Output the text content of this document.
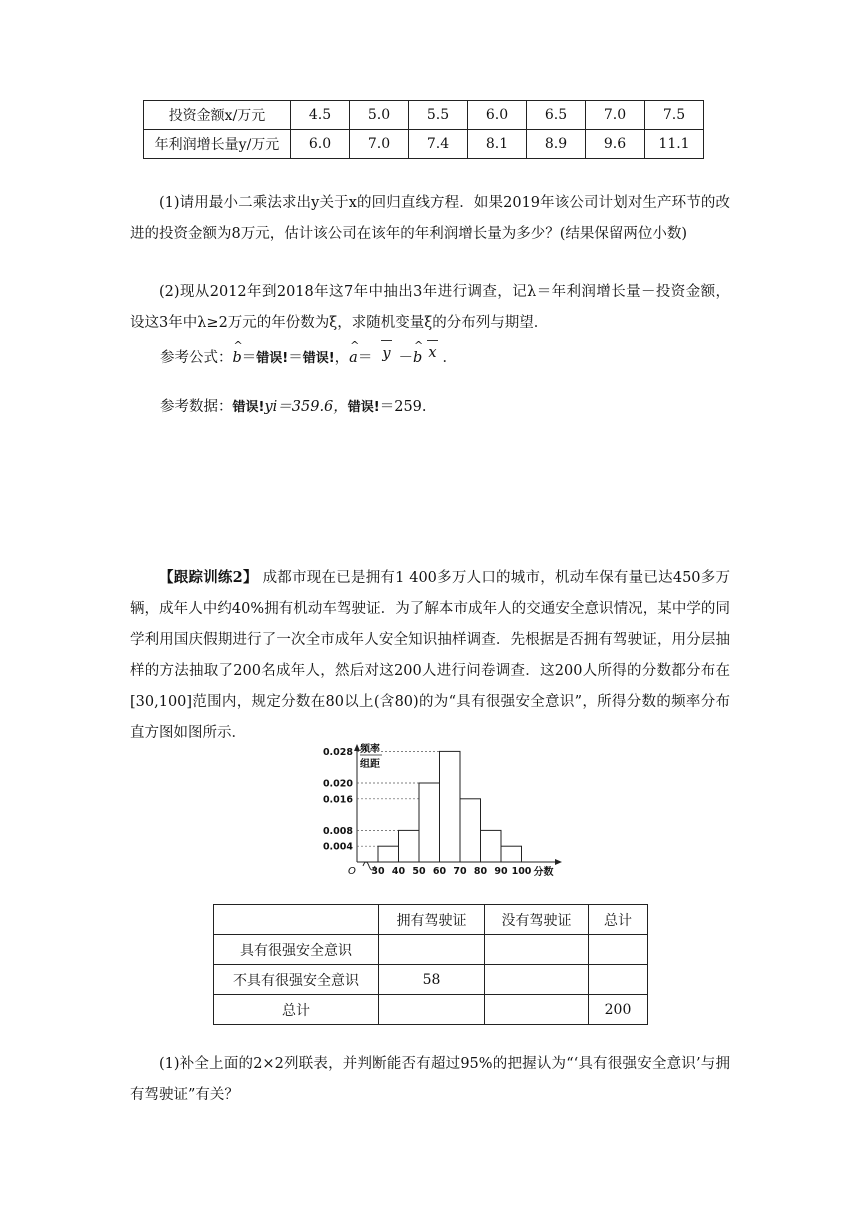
投资金额x/万元	4.5	5.0	5.5	6.0	6.5	7.0	7.5
年利润增长量y/万元	6.0	7.0	7.4	8.1	8.9	9.6	11.1
(1)请用最小二乘法求出y关于x的回归直线方程．如果2019年该公司计划对生产环节的改进的投资金额为8万元，估计该公司在该年的年利润增长量为多少？(结果保留两位小数)
(2)现从2012年到2018年这7年中抽出3年进行调查，记λ＝年利润增长量－投资金额，设这3年中λ≥2万元的年份数为ξ，求随机变量ξ的分布列与期望．
参考公式：
^
b＝错误!＝错误!，
^
a＝ y －
^
b x ．
参考数据：错误!yi＝359.6，错误!＝259.
【跟踪训练2】 成都市现在已是拥有1 400多万人口的城市，机动车保有量已达450多万辆，成年人中约40%拥有机动车驾驶证．为了解本市成年人的交通安全意识情况，某中学的同学利用国庆假期进行了一次全市成年人安全知识抽样调查．先根据是否拥有驾驶证，用分层抽样的方法抽取了200名成年人，然后对这200人进行问卷调查．这200人所得的分数都分布在[30,100]范围内，规定分数在80以上(含80)的为“具有很强安全意识”，所得分数的频率分布直方图如图所示．
频率
组距
0.004
0.008
0.016
0.020
0.028
30 40 50 60 70 80 90 100 分数
O
	拥有驾驶证	没有驾驶证	总计
具有很强安全意识			
不具有很强安全意识	58		
总计			200
(1)补全上面的2×2列联表，并判断能否有超过95%的把握认为“‘具有很强安全意识’与拥有驾驶证”有关？
